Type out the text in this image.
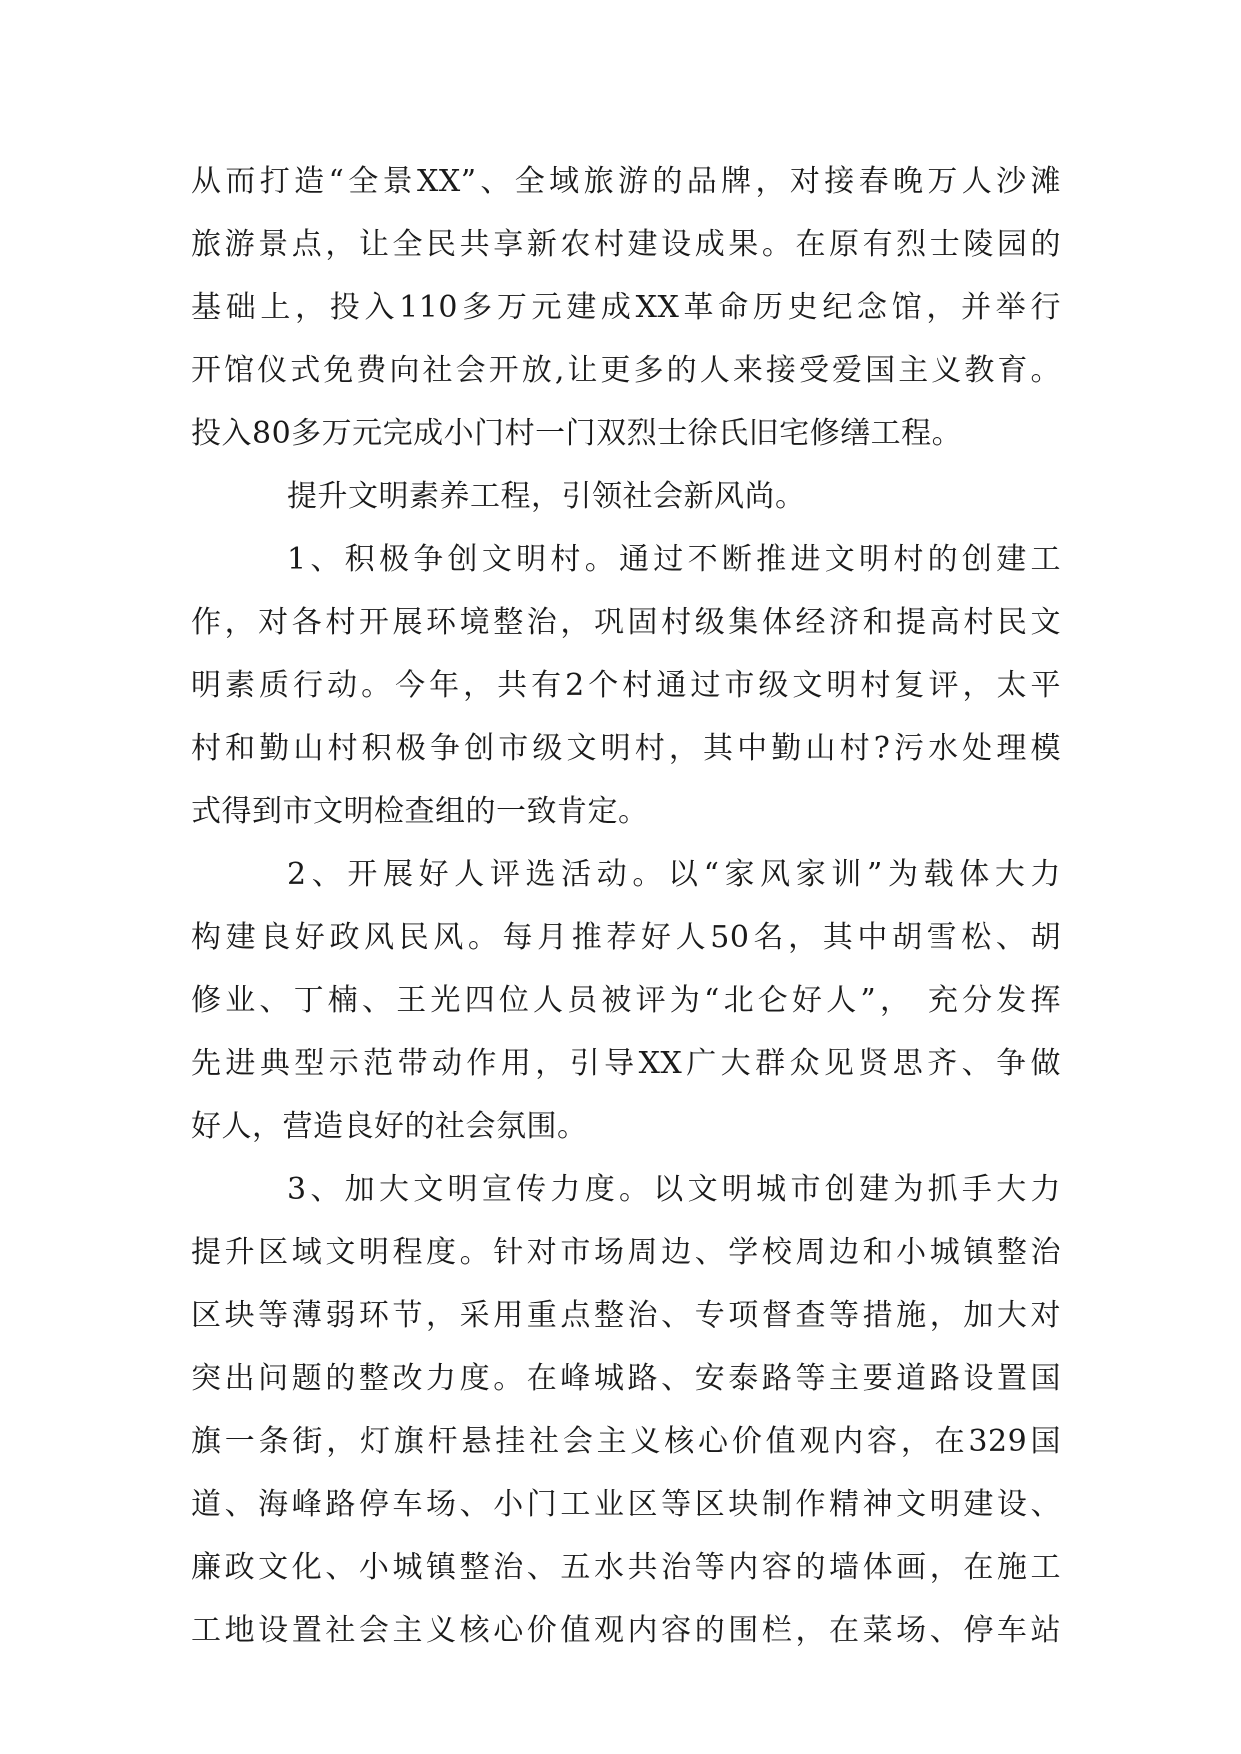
从而打造“全景XX”、全域旅游的品牌，对接春晚万人沙滩
旅游景点，让全民共享新农村建设成果。在原有烈士陵园的
基础上，投入110多万元建成XX革命历史纪念馆，并举行
开馆仪式免费向社会开放,让更多的人来接受爱国主义教育。
投入80多万元完成小门村一门双烈士徐氏旧宅修缮工程。
提升文明素养工程，引领社会新风尚。
1、积极争创文明村。通过不断推进文明村的创建工
作，对各村开展环境整治，巩固村级集体经济和提高村民文
明素质行动。今年，共有2个村通过市级文明村复评，太平
村和勤山村积极争创市级文明村，其中勤山村?污水处理模
式得到市文明检查组的一致肯定。
2、开展好人评选活动。以“家风家训”为载体大力
构建良好政风民风。每月推荐好人50名，其中胡雪松、胡
修业、丁楠、王光四位人员被评为“北仑好人”， 充分发挥
先进典型示范带动作用，引导XX广大群众见贤思齐、争做
好人，营造良好的社会氛围。
3、加大文明宣传力度。以文明城市创建为抓手大力
提升区域文明程度。针对市场周边、学校周边和小城镇整治
区块等薄弱环节，采用重点整治、专项督查等措施，加大对
突出问题的整改力度。在峰城路、安泰路等主要道路设置国
旗一条街，灯旗杆悬挂社会主义核心价值观内容，在329国
道、海峰路停车场、小门工业区等区块制作精神文明建设、
廉政文化、小城镇整治、五水共治等内容的墙体画，在施工
工地设置社会主义核心价值观内容的围栏，在菜场、停车站
